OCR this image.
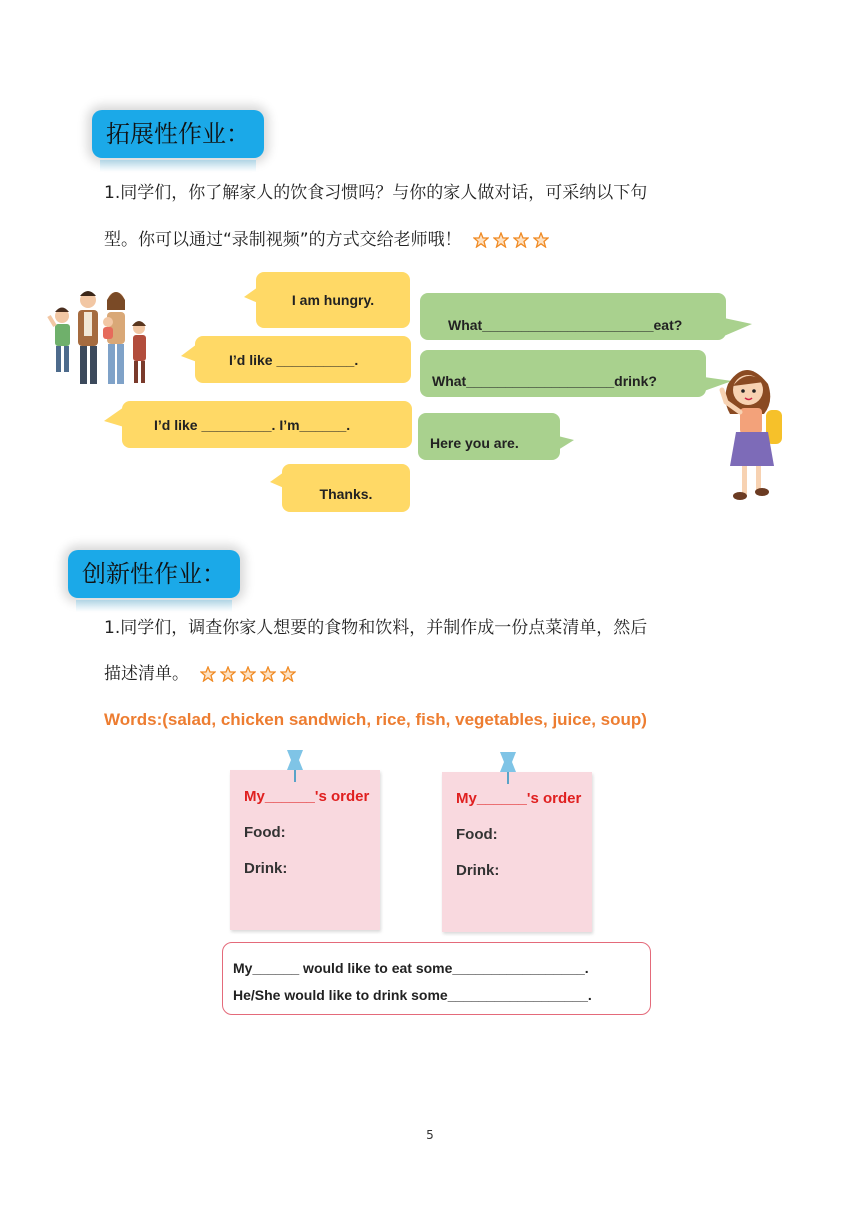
拓展性作业：
1.同学们，你了解家人的饮食习惯吗？与你的家人做对话，可采纳以下句
型。你可以通过“录制视频”的方式交给老师哦！
I am hungry.
I’d like __________.
I’d like _________. I’m______.
Thanks.
What______________________eat?
What___________________drink?
Here you are.
创新性作业：
1.同学们，调查你家人想要的食物和饮料，并制作成一份点菜清单，然后
描述清单。
Words:(salad, chicken sandwich, rice, fish, vegetables, juice, soup)
My______'s order
Food:
Drink:
My______'s order
Food:
Drink:
My______ would like to eat some_________________.
He/She would like to drink some__________________.
5
